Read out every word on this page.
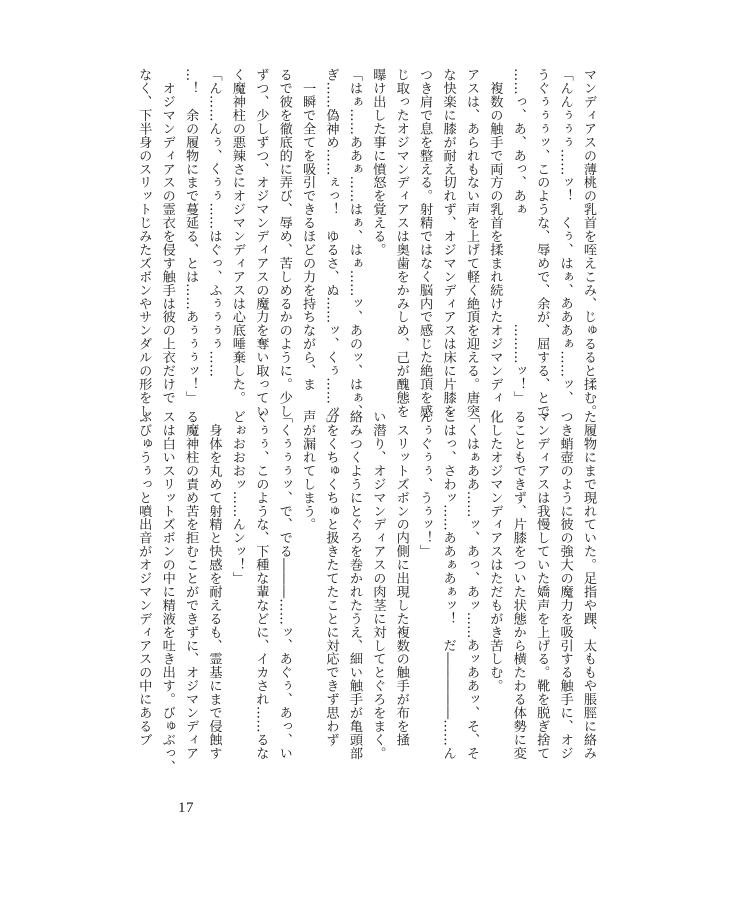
マンディアスの薄桃の乳首を咥えこみ、じゅるると揉む。
「んんぅぅぅ……ッ！　くぅ、はぁ、あああぁ……ッ、
うぐぅぅぅッ、このような、辱めで、余が、屈する、とで
……っ、あ、あっ、あぁ　　　　　　　　………ッ！」
　複数の触手で両方の乳首を揉まれ続けたオジマンディ
アスは、あられもない声を上げて軽く絶頂を迎える。唐突
な快楽に膝が耐え切れず、オジマンディアスは床に片膝を
つき肩で息を整える。射精ではなく脳内で感じた絶頂を感
じ取ったオジマンディアスは奥歯をかみしめ、己が醜態を
曝け出した事に憤怒を覚える。
「はぁ……ああぁ……はぁ、はぁ……ッ、あのッ、はぁ、
ぎ……偽神め……ぇっ！　ゆるさ、ぬ……ッ、くぅ……ッ」
　一瞬で全てを吸引できるほどの力を持ちながら、ま
るで彼を徹底的に弄び、辱め、苦しめるかのように。少し
ずつ、少しずつ、オジマンディアスの魔力を奪い取ってい
く魔神柱の悪辣さにオジマンディアスは心底唾棄した。
「ん……んぅ、くぅぅ……はぐっ、ふぅぅぅぅ……
…！　余の履物にまで蔓延る、とは……あぅぅぅッ！」
　オジマンディアスの霊衣を侵す触手は彼の上衣だけで
なく、下半身のスリットじみたズボンやサンダルの形をし
た履物にまで現れていた。足指や踝、太ももや脹脛に絡み
つき蛸壺のように彼の強大の魔力を吸引する触手に、オジ
マンディアスは我慢していた嬌声を上げる。靴を脱ぎ捨て
ることもできず、片膝をついた状態から横たわる体勢に変
化したオジマンディアスはただもがき苦しむ。
「くはぁああ……ッ、あっ、あッ……あッああッ、そ、そ
こはっ、さわッ……ああぁあぁッ！　だ―――――……ん
んぅぐぅぅ、うぅッ！」
　スリットズボンの内側に出現した複数の触手が布を掻
い潜り、オジマンディアスの肉茎に対してとぐろをまく。
絡みつくようにとぐろを巻かれたうえ、細い触手が亀頭部
分をくちゅくちゅと扱きたてたことに対応できず思わず
声が漏れてしまう。
「くぅぅぅッ、で、でる―――……ッ、あぐぅ、あっ、い
ぐぅぅ、このような、下種な輩などに、イカされ……るな
どぉおおおッ……んンッ！」
　身体を丸めて射精と快感を耐えるも、霊基にまで侵蝕す
る魔神柱の責め苦を拒むことができずに、オジマンディア
スは白いスリットズボンの中に精液を吐き出す。びゅぶっ、
ぶびゅうぅっと噴出音がオジマンディアスの中にあるブ
17
